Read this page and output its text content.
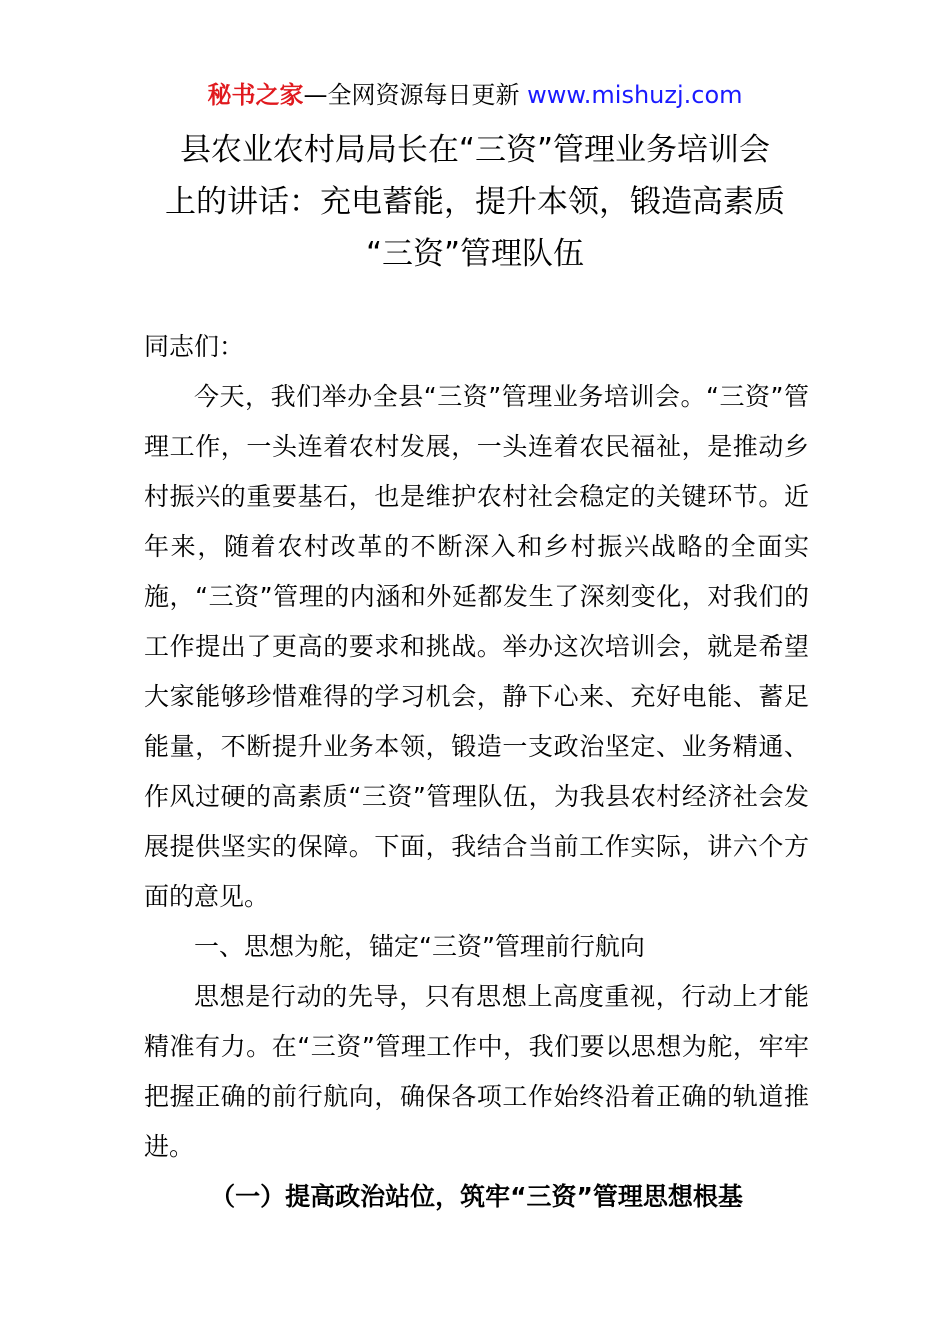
秘书之家—全网资源每日更新 www.mishuzj.com
县农业农村局局长在“三资”管理业务培训会
上的讲话：充电蓄能，提升本领，锻造高素质
“三资”管理队伍

同志们：

今天，我们举办全县“三资”管理业务培训会。“三资”管理工作，一头连着农村发展，一头连着农民福祉，是推动乡村振兴的重要基石，也是维护农村社会稳定的关键环节。近年来，随着农村改革的不断深入和乡村振兴战略的全面实施，“三资”管理的内涵和外延都发生了深刻变化，对我们的工作提出了更高的要求和挑战。举办这次培训会，就是希望大家能够珍惜难得的学习机会，静下心来、充好电能、蓄足能量，不断提升业务本领，锻造一支政治坚定、业务精通、作风过硬的高素质“三资”管理队伍，为我县农村经济社会发展提供坚实的保障。下面，我结合当前工作实际，讲六个方面的意见。

一、思想为舵，锚定“三资”管理前行航向

思想是行动的先导，只有思想上高度重视，行动上才能精准有力。在“三资”管理工作中，我们要以思想为舵，牢牢把握正确的前行航向，确保各项工作始终沿着正确的轨道推进。

（一）提高政治站位，筑牢“三资”管理思想根基
